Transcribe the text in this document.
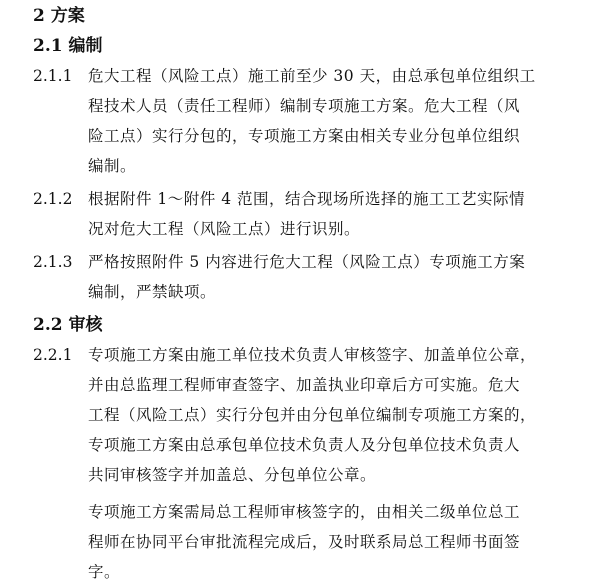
2 方案
2.1 编制
2.1.1 危大工程（风险工点）施工前至少 30 天，由总承包单位组织工
程技术人员（责任工程师）编制专项施工方案。危大工程（风
险工点）实行分包的，专项施工方案由相关专业分包单位组织
编制。
2.1.2 根据附件 1～附件 4 范围，结合现场所选择的施工工艺实际情
况对危大工程（风险工点）进行识别。
2.1.3 严格按照附件 5 内容进行危大工程（风险工点）专项施工方案
编制，严禁缺项。
2.2 审核
2.2.1 专项施工方案由施工单位技术负责人审核签字、加盖单位公章，
并由总监理工程师审查签字、加盖执业印章后方可实施。危大
工程（风险工点）实行分包并由分包单位编制专项施工方案的，
专项施工方案由总承包单位技术负责人及分包单位技术负责人
共同审核签字并加盖总、分包单位公章。
专项施工方案需局总工程师审核签字的，由相关二级单位总工
程师在协同平台审批流程完成后，及时联系局总工程师书面签
字。
